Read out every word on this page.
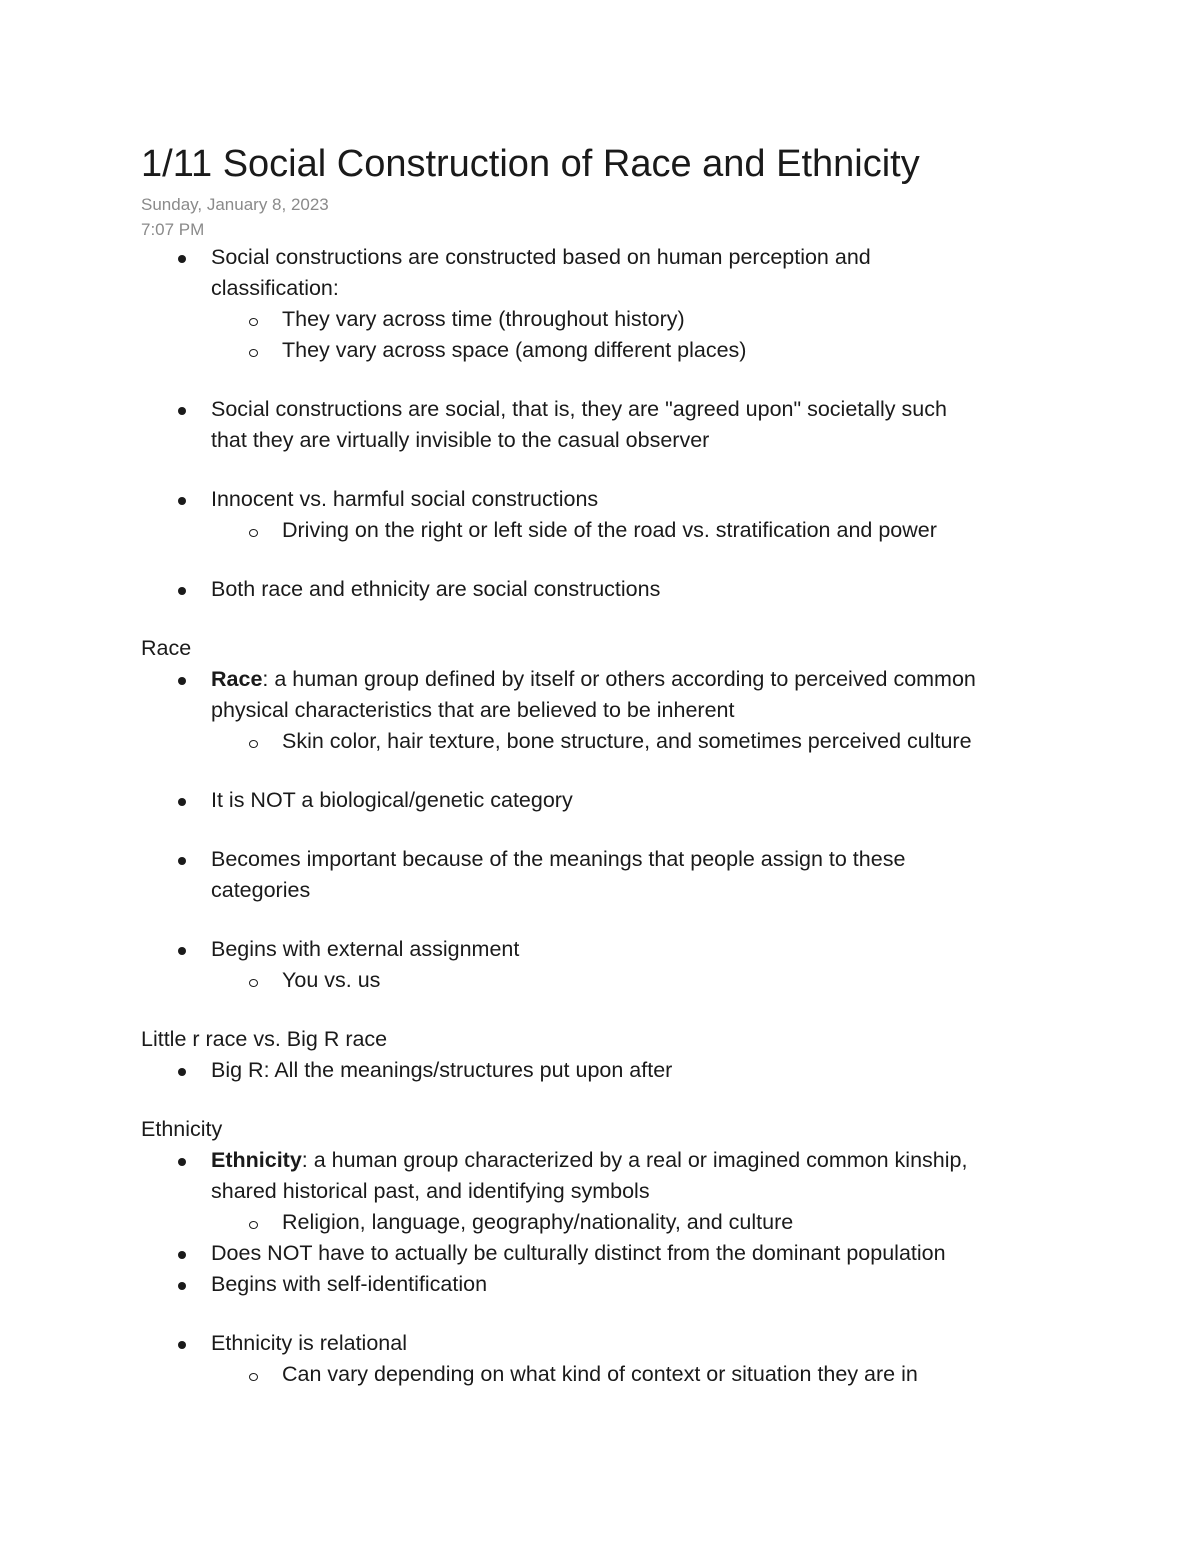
1/11 Social Construction of Race and Ethnicity
Sunday, January 8, 2023
7:07 PM
Social constructions are constructed based on human perception and
classification:
They vary across time (throughout history)
They vary across space (among different places)
Social constructions are social, that is, they are "agreed upon" societally such
that they are virtually invisible to the casual observer
Innocent vs. harmful social constructions
Driving on the right or left side of the road vs. stratification and power
Both race and ethnicity are social constructions
Race
Race: a human group defined by itself or others according to perceived common
physical characteristics that are believed to be inherent
Skin color, hair texture, bone structure, and sometimes perceived culture
It is NOT a biological/genetic category
Becomes important because of the meanings that people assign to these
categories
Begins with external assignment
You vs. us
Little r race vs. Big R race
Big R: All the meanings/structures put upon after
Ethnicity
Ethnicity: a human group characterized by a real or imagined common kinship,
shared historical past, and identifying symbols
Religion, language, geography/nationality, and culture
Does NOT have to actually be culturally distinct from the dominant population
Begins with self-identification
Ethnicity is relational
Can vary depending on what kind of context or situation they are in
